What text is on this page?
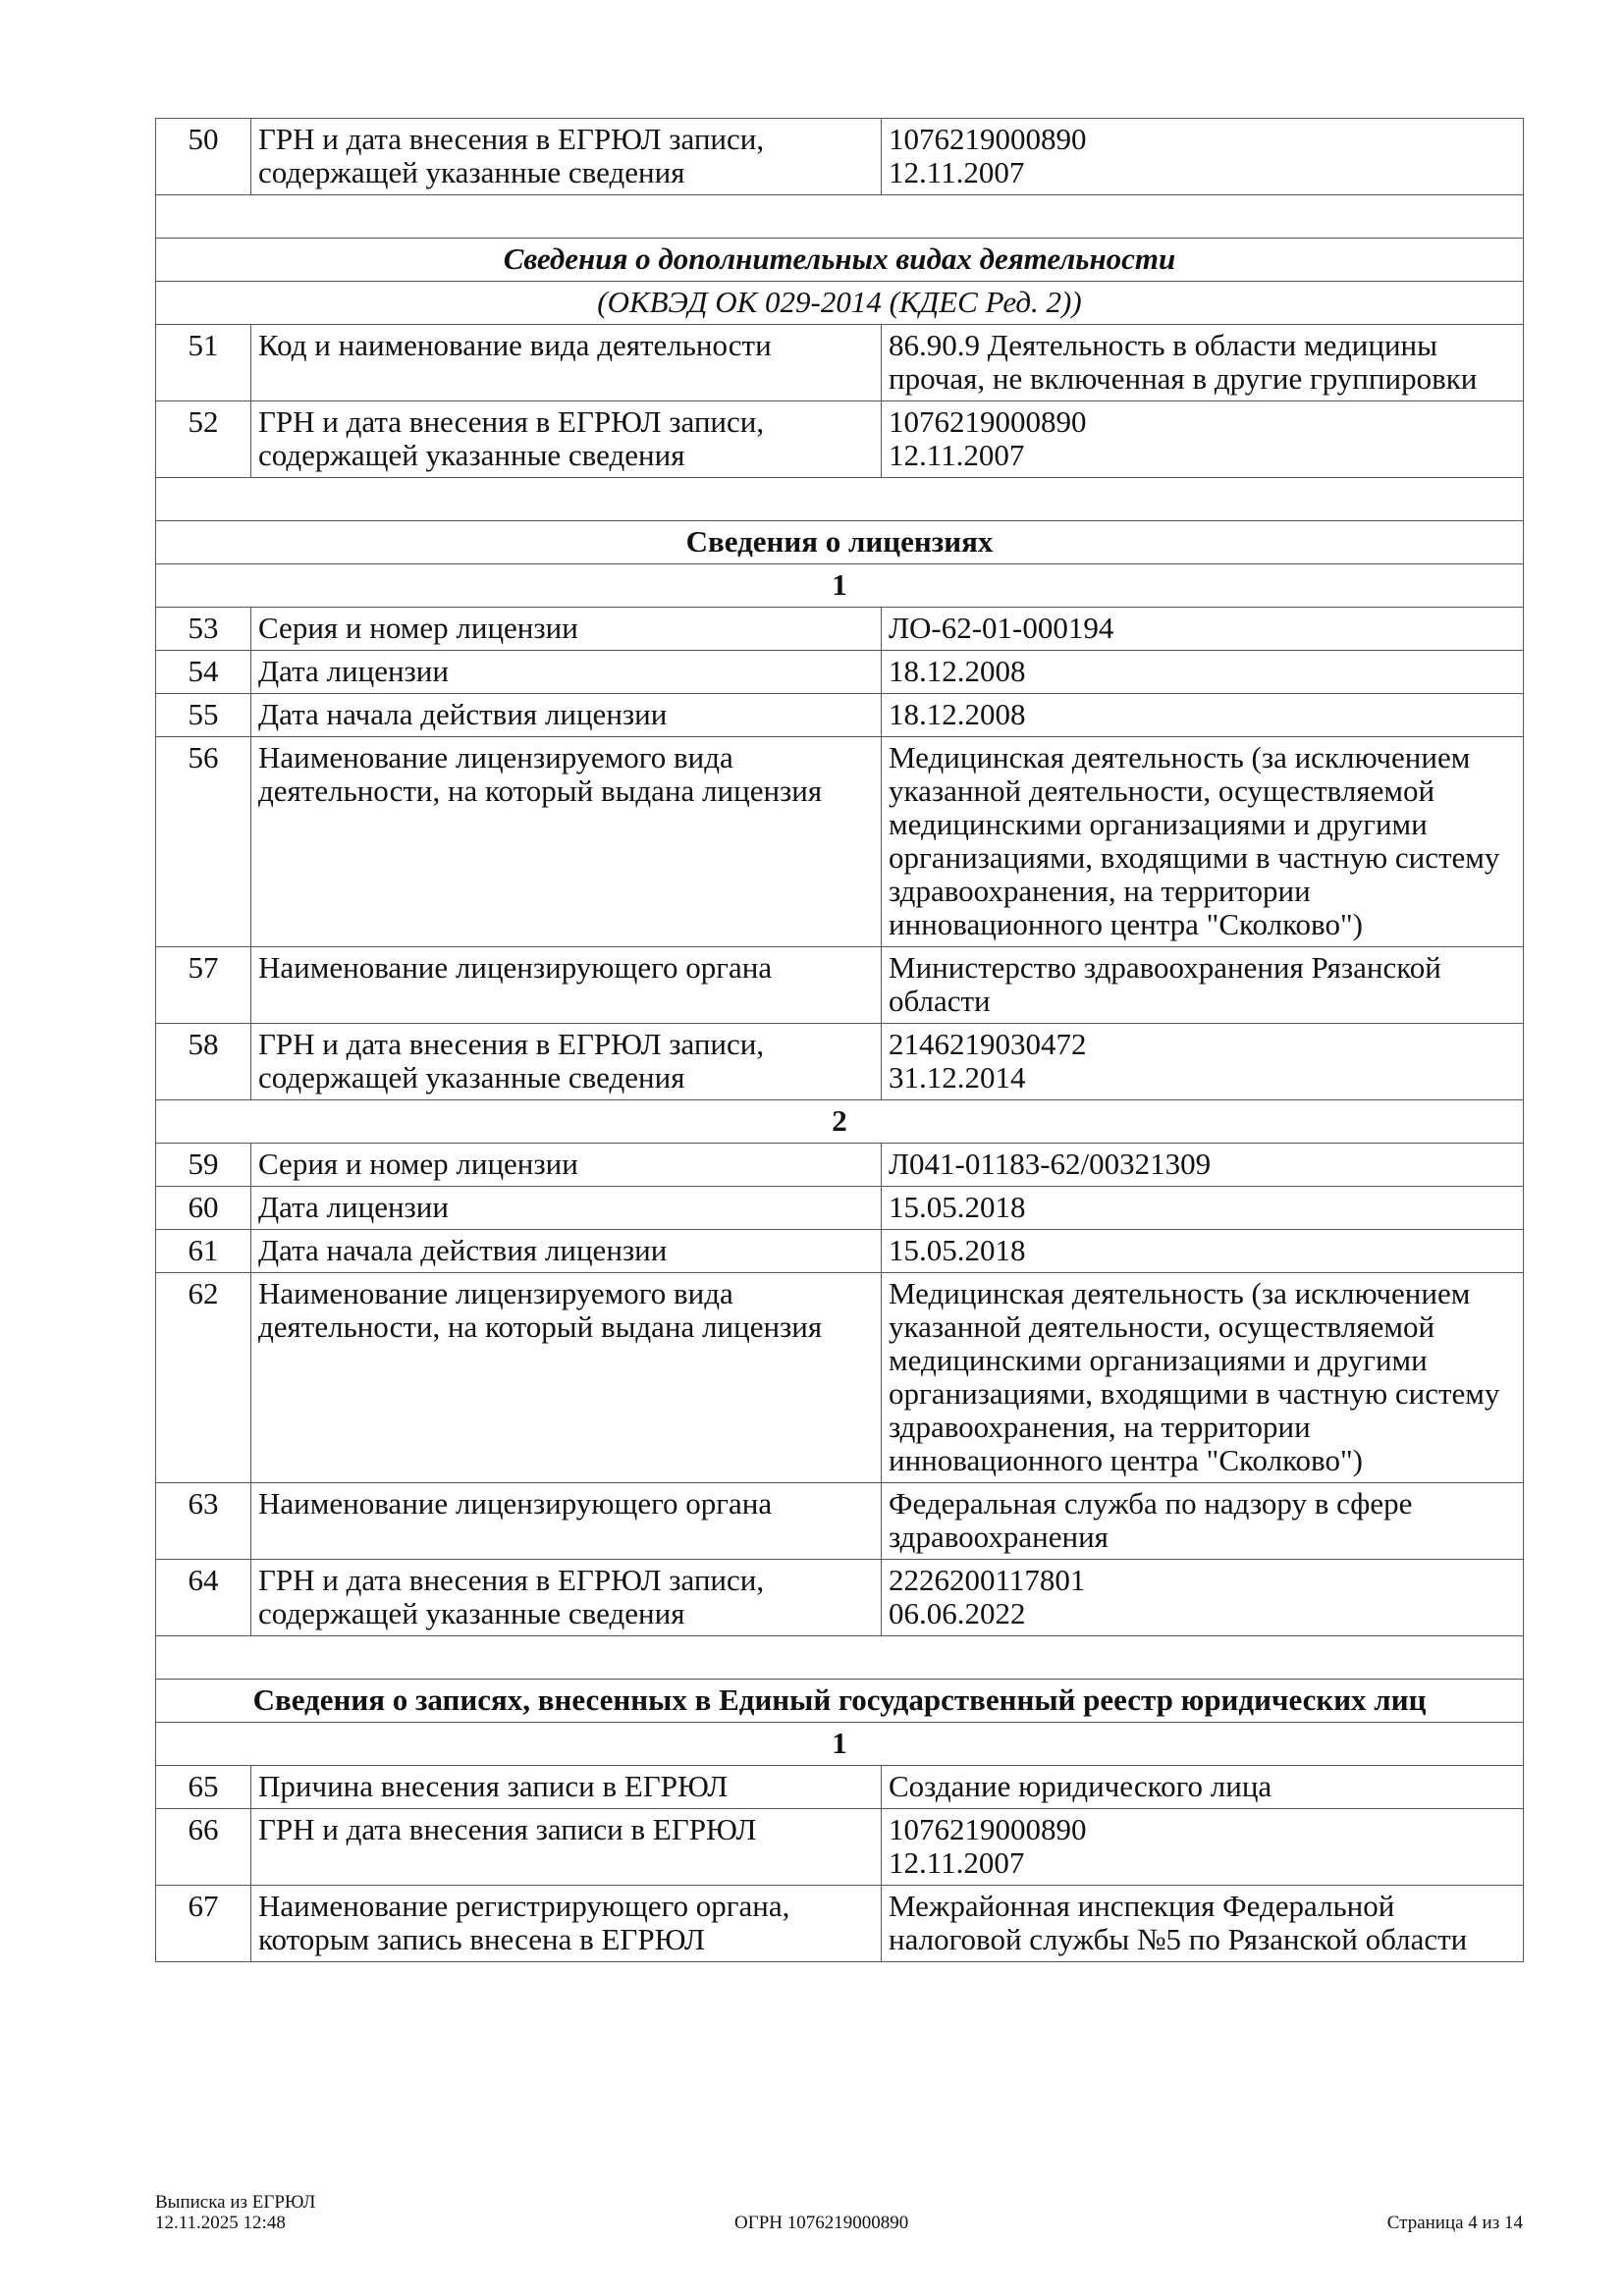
50	ГРН и дата внесения в ЕГРЮЛ записи, содержащей указанные сведения	1076219000890
12.11.2007

Сведения о дополнительных видах деятельности		
(ОКВЭД ОК 029-2014 (КДЕС Ред. 2))		
51	Код и наименование вида деятельности	86.90.9 Деятельность в области медицины прочая, не включенная в другие группировки
52	ГРН и дата внесения в ЕГРЮЛ записи, содержащей указанные сведения	1076219000890
12.11.2007

Сведения о лицензиях		
1		
53	Серия и номер лицензии	ЛО-62-01-000194
54	Дата лицензии	18.12.2008
55	Дата начала действия лицензии	18.12.2008
56	Наименование лицензируемого вида деятельности, на который выдана лицензия	Медицинская деятельность (за исключением указанной деятельности, осуществляемой медицинскими организациями и другими организациями, входящими в частную систему здравоохранения, на территории инновационного центра "Сколково")
57	Наименование лицензирующего органа	Министерство здравоохранения Рязанской области
58	ГРН и дата внесения в ЕГРЮЛ записи, содержащей указанные сведения	2146219030472
31.12.2014
2		
59	Серия и номер лицензии	Л041-01183-62/00321309
60	Дата лицензии	15.05.2018
61	Дата начала действия лицензии	15.05.2018
62	Наименование лицензируемого вида деятельности, на который выдана лицензия	Медицинская деятельность (за исключением указанной деятельности, осуществляемой медицинскими организациями и другими организациями, входящими в частную систему здравоохранения, на территории инновационного центра "Сколково")
63	Наименование лицензирующего органа	Федеральная служба по надзору в сфере здравоохранения
64	ГРН и дата внесения в ЕГРЮЛ записи, содержащей указанные сведения	2226200117801
06.06.2022

Сведения о записях, внесенных в Единый государственный реестр юридических лиц		
1		
65	Причина внесения записи в ЕГРЮЛ	Создание юридического лица
66	ГРН и дата внесения записи в ЕГРЮЛ	1076219000890
12.11.2007
67	Наименование регистрирующего органа, которым запись внесена в ЕГРЮЛ	Межрайонная инспекция Федеральной налоговой службы №5 по Рязанской области
Выписка из ЕГРЮЛ
12.11.2025 12:48	ОГРН 1076219000890	Страница 4 из 14
